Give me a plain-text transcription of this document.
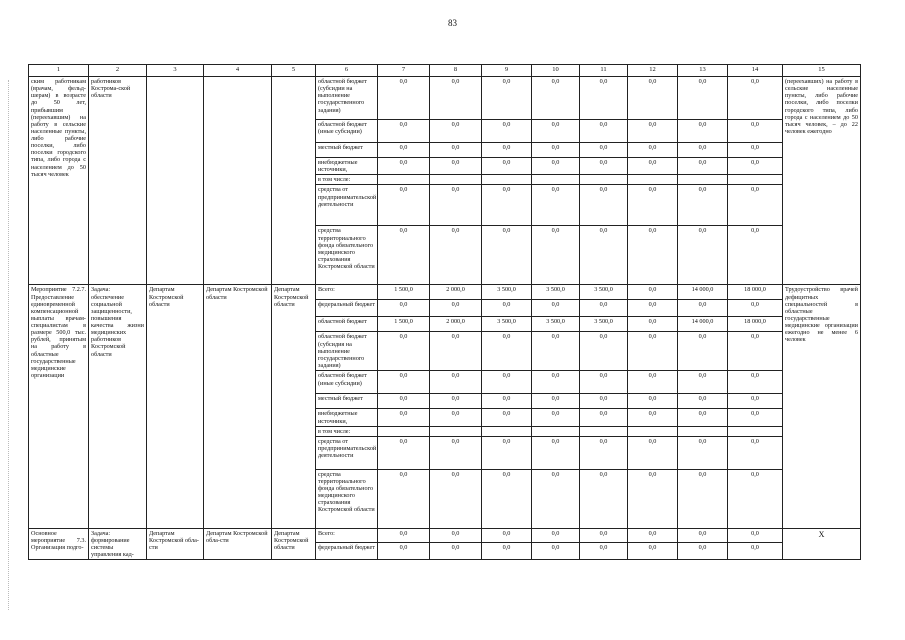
83
1	2	3	4	5	6	7	8	9	10	11	12	13	14	15
ским работникам (врачам, фельд-шерам) в возрасте до 50 лет, прибывшим (переехавшим) на работу в сельские населенные пункты, либо рабочие поселки, либо поселки городского типа, либо города с населением до 50 тысяч человек	работников Кострома-ской области				областной бюджет (субсидии на выполнение государственного задания)	0,0	0,0	0,0	0,0	0,0	0,0	0,0	0,0	(переехавших) на работу в сельские населенные пункты, либо рабочие поселки, либо поселки городского типа, либо города с населением до 50 тысяч человек, – до 22 человек ежегодно
					областной бюджет (иные субсидии)	0,0	0,0	0,0	0,0	0,0	0,0	0,0	0,0	
					местный бюджет	0,0	0,0	0,0	0,0	0,0	0,0	0,0	0,0	
					внебюджетные источники,	0,0	0,0	0,0	0,0	0,0	0,0	0,0	0,0	
					в том числе:									
					средства от предпринимательской деятельности	0,0	0,0	0,0	0,0	0,0	0,0	0,0	0,0	
					средства территориального фонда обязательного медицинского страхования Костромской области	0,0	0,0	0,0	0,0	0,0	0,0	0,0	0,0	
Мероприятие 7.2.7. Предоставление единовременной компенсационной выплаты врачам-специалистам в размере 500,0 тыс. рублей, принятым на работу в областные государственные медицинские организации	Задача: обеспечение социальной защищенности, повышения качества жизни медицинских работников Костромской области	Департам Костромской области	Департам Костромской области	Департам Костромской области	Всего:	1 500,0	2 000,0	3 500,0	3 500,0	3 500,0	0,0	14 000,0	18 000,0	Трудоустройство врачей дефицитных специальностей в областные государственные медицинские организации ежегодно не менее 6 человек
					федеральный бюджет	0,0	0,0	0,0	0,0	0,0	0,0	0,0	0,0	
					областной бюджет	1 500,0	2 000,0	3 500,0	3 500,0	3 500,0	0,0	14 000,0	18 000,0	
					областной бюджет (субсидия на выполнение государственного задания)	0,0	0,0	0,0	0,0	0,0	0,0	0,0	0,0	
					областной бюджет (иные субсидии)	0,0	0,0	0,0	0,0	0,0	0,0	0,0	0,0	
					местный бюджет	0,0	0,0	0,0	0,0	0,0	0,0	0,0	0,0	
					внебюджетные источники,	0,0	0,0	0,0	0,0	0,0	0,0	0,0	0,0	
					в том числе:									
					средства от предпринимательской деятельности	0,0	0,0	0,0	0,0	0,0	0,0	0,0	0,0	
					средства территориального фонда обязательного медицинского страхования Костромской области	0,0	0,0	0,0	0,0	0,0	0,0	0,0	0,0	
Основное мероприятие 7.3. Организация подго-	Задача: формирование системы управления кад-	Департам Костромской обла-сти	Департам Костромской обла-сти	Департам Костромской области	Всего:	0,0	0,0	0,0	0,0	0,0	0,0	0,0	0,0	Х
					федеральный бюджет	0,0	0,0	0,0	0,0	0,0	0,0	0,0	0,0	
